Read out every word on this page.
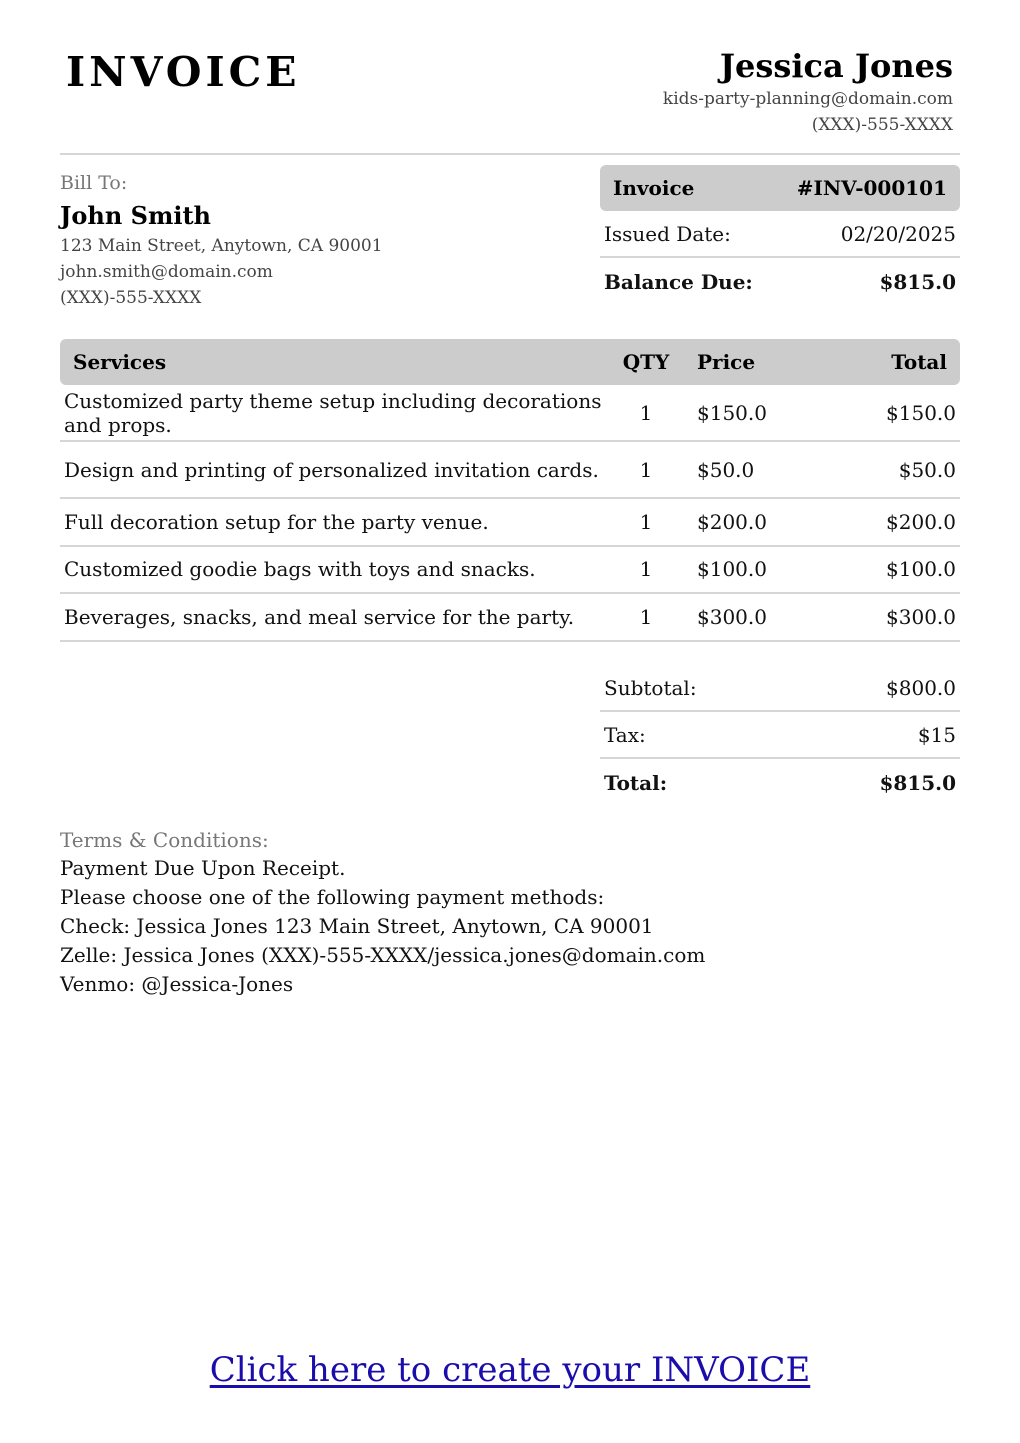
INVOICE	Jessica Jones
kids-party-planning@domain.com
(XXX)-555-XXXX
Bill To:
John Smith
123 Main Street, Anytown, CA 90001
john.smith@domain.com
(XXX)-555-XXXX
Invoice	#INV-000101
Issued Date:	02/20/2025
Balance Due:	$815.0
Services	QTY	Price	Total
Customized party theme setup including decorations and props.	1	$150.0	$150.0
Design and printing of personalized invitation cards.	1	$50.0	$50.0
Full decoration setup for the party venue.	1	$200.0	$200.0
Customized goodie bags with toys and snacks.	1	$100.0	$100.0
Beverages, snacks, and meal service for the party.	1	$300.0	$300.0
Subtotal:	$800.0
Tax:	$15
Total:	$815.0
Terms & Conditions:
Payment Due Upon Receipt.
Please choose one of the following payment methods:
Check: Jessica Jones 123 Main Street, Anytown, CA 90001
Zelle: Jessica Jones (XXX)-555-XXXX/jessica.jones@domain.com
Venmo: @Jessica-Jones
Click here to create your INVOICE
